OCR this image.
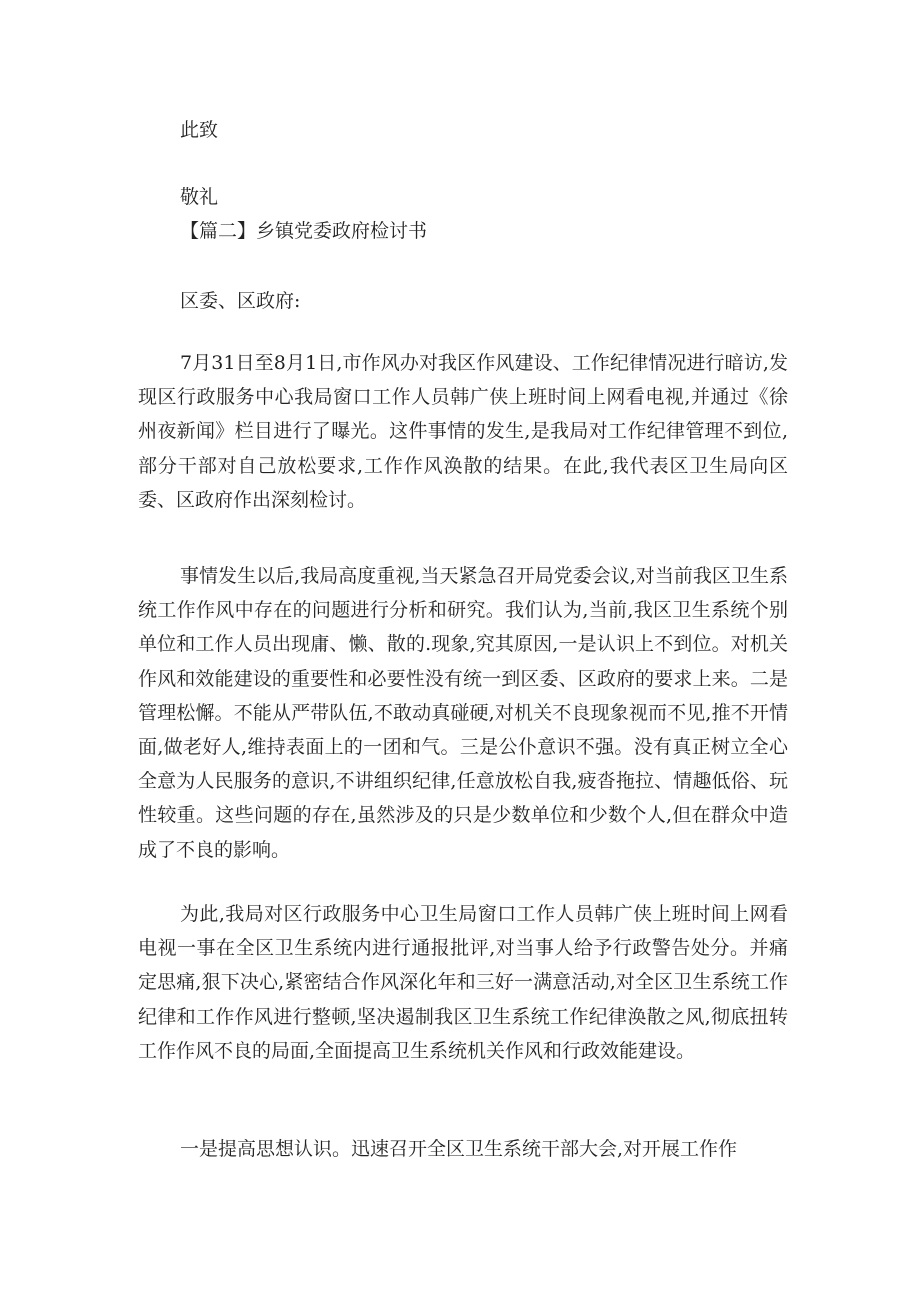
此致
敬礼
【篇二】乡镇党委政府检讨书
区委、区政府:

7月31日至8月1日,市作风办对我区作风建设、工作纪律情况进行暗访,发现区行政服务中心我局窗口工作人员韩广侠上班时间上网看电视,并通过《徐州夜新闻》栏目进行了曝光。这件事情的发生,是我局对工作纪律管理不到位,部分干部对自己放松要求,工作作风涣散的结果。在此,我代表区卫生局向区委、区政府作出深刻检讨。

事情发生以后,我局高度重视,当天紧急召开局党委会议,对当前我区卫生系统工作作风中存在的问题进行分析和研究。我们认为,当前,我区卫生系统个别单位和工作人员出现庸、懒、散的.现象,究其原因,一是认识上不到位。对机关作风和效能建设的重要性和必要性没有统一到区委、区政府的要求上来。二是管理松懈。不能从严带队伍,不敢动真碰硬,对机关不良现象视而不见,推不开情面,做老好人,维持表面上的一团和气。三是公仆意识不强。没有真正树立全心全意为人民服务的意识,不讲组织纪律,任意放松自我,疲沓拖拉、情趣低俗、玩性较重。这些问题的存在,虽然涉及的只是少数单位和少数个人,但在群众中造成了不良的影响。

为此,我局对区行政服务中心卫生局窗口工作人员韩广侠上班时间上网看电视一事在全区卫生系统内进行通报批评,对当事人给予行政警告处分。并痛定思痛,狠下决心,紧密结合作风深化年和三好一满意活动,对全区卫生系统工作纪律和工作作风进行整顿,坚决遏制我区卫生系统工作纪律涣散之风,彻底扭转工作作风不良的局面,全面提高卫生系统机关作风和行政效能建设。

一是提高思想认识。迅速召开全区卫生系统干部大会,对开展工作作
